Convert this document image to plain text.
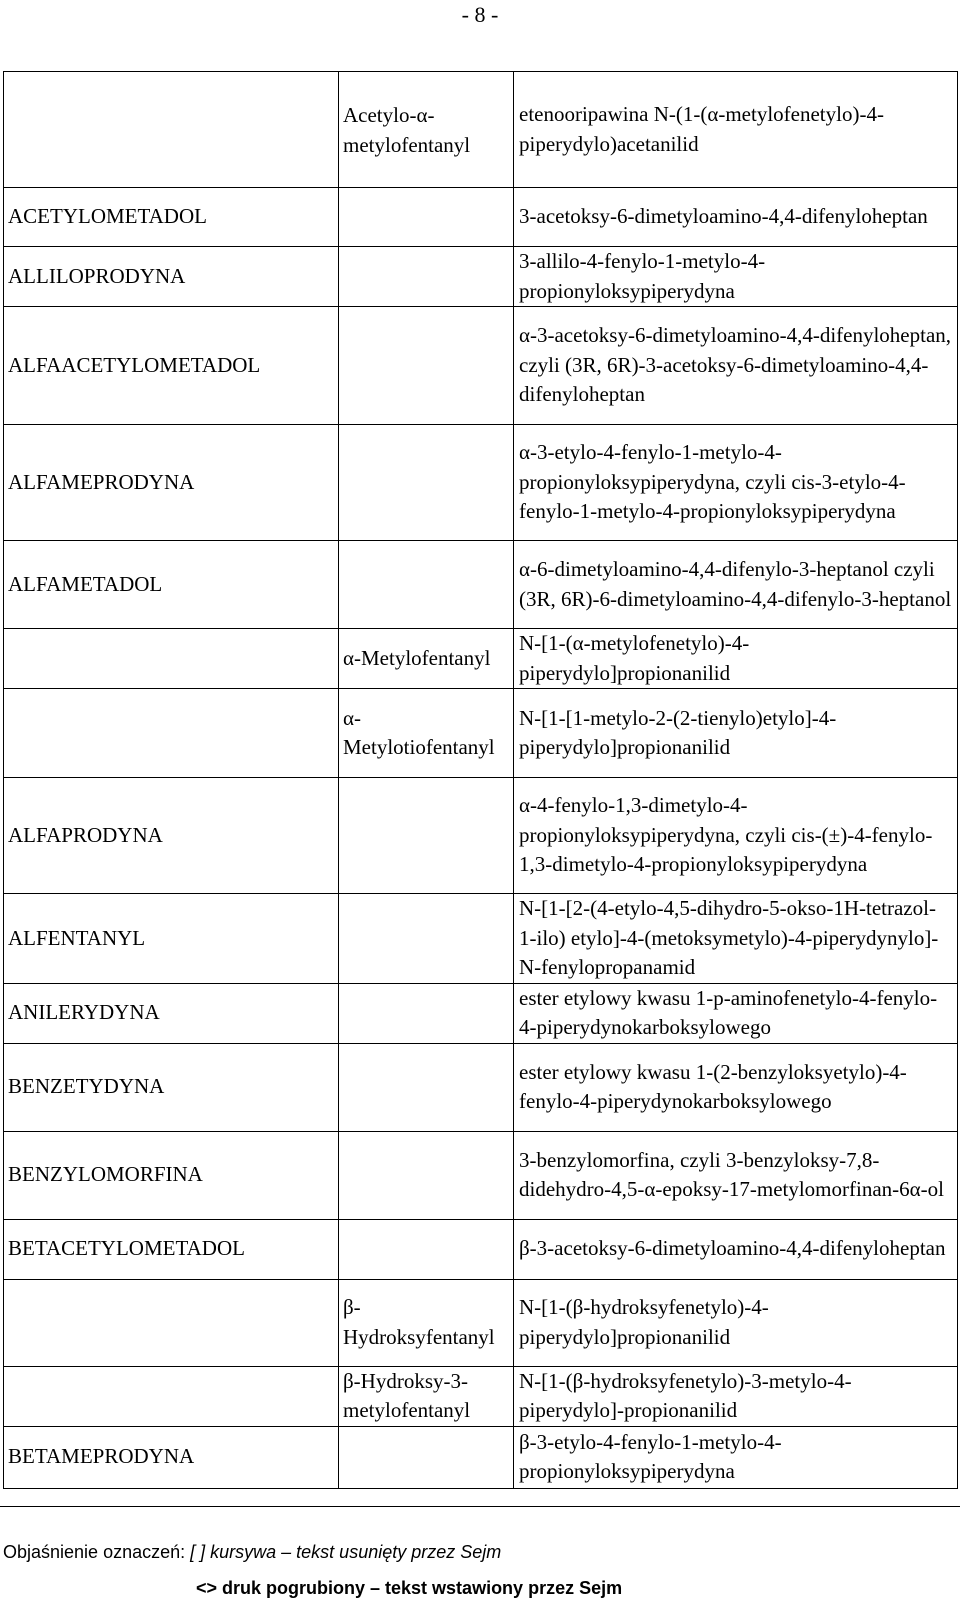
- 8 -
	Acetylo-α-metylofentanyl	etenooripawina N-(1-(α-metylofenetylo)-4-piperydylo)acetanilid
ACETYLOMETADOL		3-acetoksy-6-dimetyloamino-4,4-difenyloheptan
ALLILOPRODYNA		3-allilo-4-fenylo-1-metylo-4-propionyloksypiperydyna
ALFAACETYLOMETADOL		α-3-acetoksy-6-dimetyloamino-4,4-difenyloheptan, czyli (3R, 6R)-3-acetoksy-6-dimetyloamino-4,4-difenyloheptan
ALFAMEPRODYNA		α-3-etylo-4-fenylo-1-metylo-4-propionyloksypiperydyna, czyli cis-3-etylo-4-fenylo-1-metylo-4-propionyloksypiperydyna
ALFAMETADOL		α-6-dimetyloamino-4,4-difenylo-3-heptanol czyli (3R, 6R)-6-dimetyloamino-4,4-difenylo-3-heptanol
	α-Metylofentanyl	N-[1-(α-metylofenetylo)-4-piperydylo]propionanilid
	α-Metylotiofentanyl	N-[1-[1-metylo-2-(2-tienylo)etylo]-4-piperydylo]propionanilid
ALFAPRODYNA		α-4-fenylo-1,3-dimetylo-4-propionyloksypiperydyna, czyli cis-(±)-4-fenylo-1,3-dimetylo-4-propionyloksypiperydyna
ALFENTANYL		N-[1-[2-(4-etylo-4,5-dihydro-5-okso-1H-tetrazol-1-ilo) etylo]-4-(metoksymetylo)-4-piperydynylo]-N-fenylopropanamid
ANILERYDYNA		ester etylowy kwasu 1-p-aminofenetylo-4-fenylo-4-piperydynokarboksylowego
BENZETYDYNA		ester etylowy kwasu 1-(2-benzyloksyetylo)-4-fenylo-4-piperydynokarboksylowego
BENZYLOMORFINA		3-benzylomorfina, czyli 3-benzyloksy-7,8-didehydro-4,5-α-epoksy-17-metylomorfinan-6α-ol
BETACETYLOMETADOL		β-3-acetoksy-6-dimetyloamino-4,4-difenyloheptan
	β-Hydroksyfentanyl	N-[1-(β-hydroksyfenetylo)-4-piperydylo]propionanilid
	β-Hydroksy-3-metylofentanyl	N-[1-(β-hydroksyfenetylo)-3-metylo-4-piperydylo]-propionanilid
BETAMEPRODYNA		β-3-etylo-4-fenylo-1-metylo-4-propionyloksypiperydyna
Objaśnienie oznaczeń: [ ] kursywa – tekst usunięty przez Sejm
<> druk pogrubiony – tekst wstawiony przez Sejm
